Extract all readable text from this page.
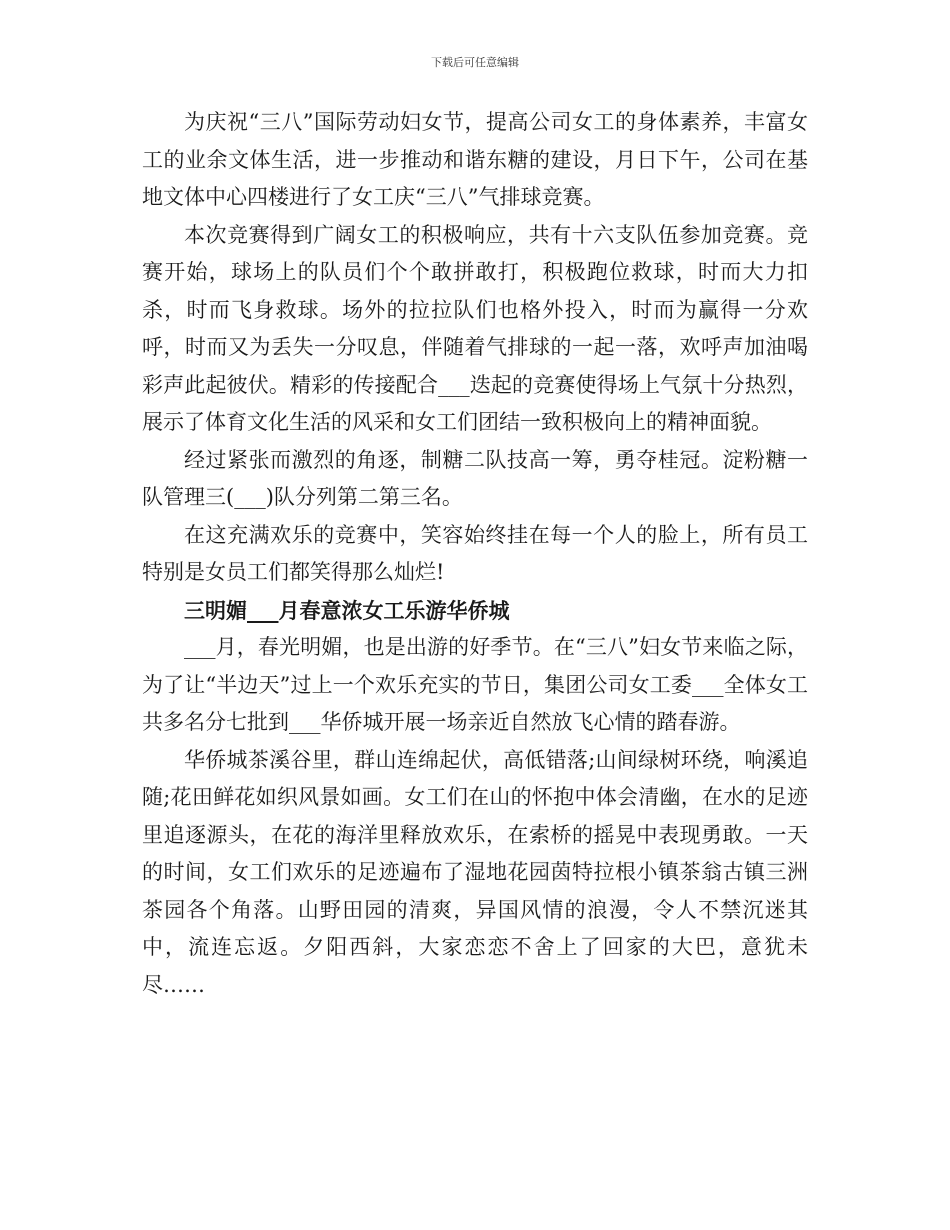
下载后可任意编辑

为庆祝“三八”国际劳动妇女节，提高公司女工的身体素养，丰富女工的业余文体生活，进一步推动和谐东糖的建设，月日下午，公司在基地文体中心四楼进行了女工庆“三八”气排球竞赛。

本次竞赛得到广阔女工的积极响应，共有十六支队伍参加竞赛。竞赛开始，球场上的队员们个个敢拼敢打，积极跑位救球，时而大力扣杀，时而飞身救球。场外的拉拉队们也格外投入，时而为赢得一分欢呼，时而又为丢失一分叹息，伴随着气排球的一起一落，欢呼声加油喝彩声此起彼伏。精彩的传接配合___迭起的竞赛使得场上气氛十分热烈，展示了体育文化生活的风采和女工们团结一致积极向上的精神面貌。

经过紧张而激烈的角逐，制糖二队技高一筹，勇夺桂冠。淀粉糖一队管理三(___)队分列第二第三名。

在这充满欢乐的竞赛中，笑容始终挂在每一个人的脸上，所有员工特别是女员工们都笑得那么灿烂!

三明媚___月春意浓女工乐游华侨城

___月，春光明媚，也是出游的好季节。在“三八”妇女节来临之际，为了让“半边天”过上一个欢乐充实的节日，集团公司女工委___全体女工共多名分七批到___华侨城开展一场亲近自然放飞心情的踏春游。

华侨城茶溪谷里，群山连绵起伏，高低错落;山间绿树环绕，响溪追随;花田鲜花如织风景如画。女工们在山的怀抱中体会清幽，在水的足迹里追逐源头，在花的海洋里释放欢乐，在索桥的摇晃中表现勇敢。一天的时间，女工们欢乐的足迹遍布了湿地花园茵特拉根小镇茶翁古镇三洲茶园各个角落。山野田园的清爽，异国风情的浪漫，令人不禁沉迷其中，流连忘返。夕阳西斜，大家恋恋不舍上了回家的大巴，意犹未尽……
